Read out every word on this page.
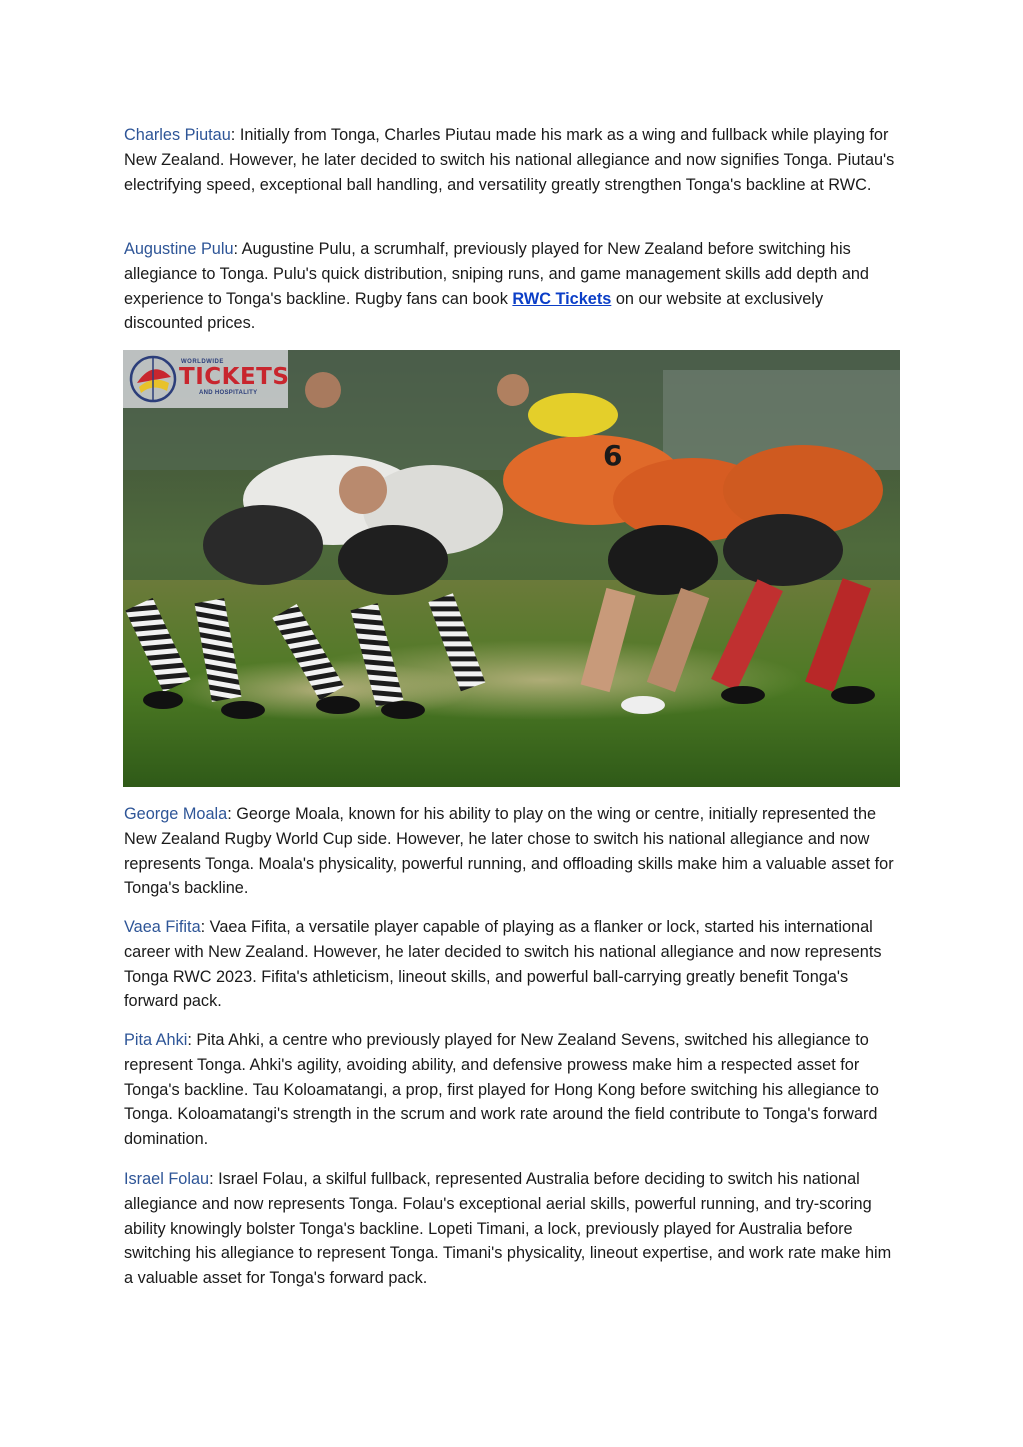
Charles Piutau: Initially from Tonga, Charles Piutau made his mark as a wing and fullback while playing for New Zealand. However, he later decided to switch his national allegiance and now signifies Tonga. Piutau's electrifying speed, exceptional ball handling, and versatility greatly strengthen Tonga's backline at RWC.

Augustine Pulu: Augustine Pulu, a scrumhalf, previously played for New Zealand before switching his allegiance to Tonga. Pulu's quick distribution, sniping runs, and game management skills add depth and experience to Tonga's backline. Rugby fans can book RWC Tickets on our website at exclusively discounted prices.

6
WORLDWIDE
TICKETS
AND HOSPITALITY

George Moala: George Moala, known for his ability to play on the wing or centre, initially represented the New Zealand Rugby World Cup side. However, he later chose to switch his national allegiance and now represents Tonga. Moala's physicality, powerful running, and offloading skills make him a valuable asset for Tonga's backline.

Vaea Fifita: Vaea Fifita, a versatile player capable of playing as a flanker or lock, started his international career with New Zealand. However, he later decided to switch his national allegiance and now represents Tonga RWC 2023. Fifita's athleticism, lineout skills, and powerful ball-carrying greatly benefit Tonga's forward pack.

Pita Ahki: Pita Ahki, a centre who previously played for New Zealand Sevens, switched his allegiance to represent Tonga. Ahki's agility, avoiding ability, and defensive prowess make him a respected asset for Tonga's backline. Tau Koloamatangi, a prop, first played for Hong Kong before switching his allegiance to Tonga. Koloamatangi's strength in the scrum and work rate around the field contribute to Tonga's forward domination.

Israel Folau: Israel Folau, a skilful fullback, represented Australia before deciding to switch his national allegiance and now represents Tonga. Folau's exceptional aerial skills, powerful running, and try-scoring ability knowingly bolster Tonga's backline. Lopeti Timani, a lock, previously played for Australia before switching his allegiance to represent Tonga. Timani's physicality, lineout expertise, and work rate make him a valuable asset for Tonga's forward pack.
